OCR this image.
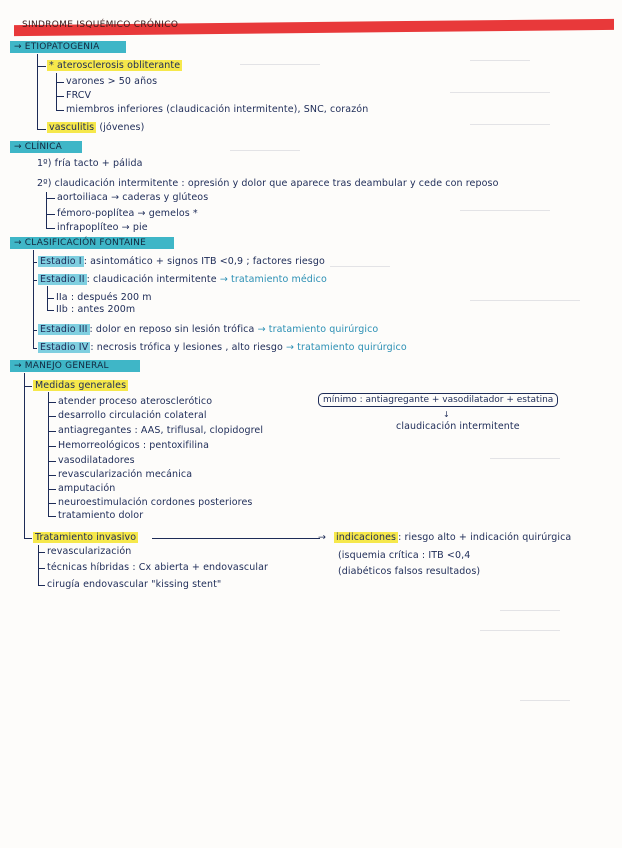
SINDROME ISQUÉMICO CRÓNICO
→ ETIOPATOGENIA
* aterosclerosis obliterante
varones > 50 años
FRCV
miembros inferiores (claudicación intermitente), SNC, corazón
vasculitis (jóvenes)
→ CLÍNICA
1º) fría tacto + pálida
2º) claudicación intermitente : opresión y dolor que aparece tras deambular y cede con reposo
aortoiliaca → caderas y glúteos
fémoro-poplítea → gemelos *
infrapoplíteo → pie
→ CLASIFICACIÓN FONTAINE
Estadio I : asintomático + signos ITB <0,9 ; factores riesgo
Estadio II : claudicación intermitente → tratamiento médico
IIa : después 200 m
IIb : antes 200m
Estadio III : dolor en reposo sin lesión trófica → tratamiento quirúrgico
Estadio IV : necrosis trófica y lesiones , alto riesgo → tratamiento quirúrgico
→ MANEJO GENERAL
Medidas generales
atender proceso aterosclerótico
desarrollo circulación colateral
antiagregantes : AAS, triflusal, clopidogrel
Hemorreológicos : pentoxifilina
vasodilatadores
revascularización mecánica
amputación
neuroestimulación cordones posteriores
tratamiento dolor
mínimo : antiagregante + vasodilatador + estatina
↓
claudicación intermitente
Tratamiento invasivo
revascularización
técnicas híbridas : Cx abierta + endovascular
cirugía endovascular "kissing stent"
→ indicaciones : riesgo alto + indicación quirúrgica
(isquemia crítica : ITB <0,4
(diabéticos falsos resultados)
